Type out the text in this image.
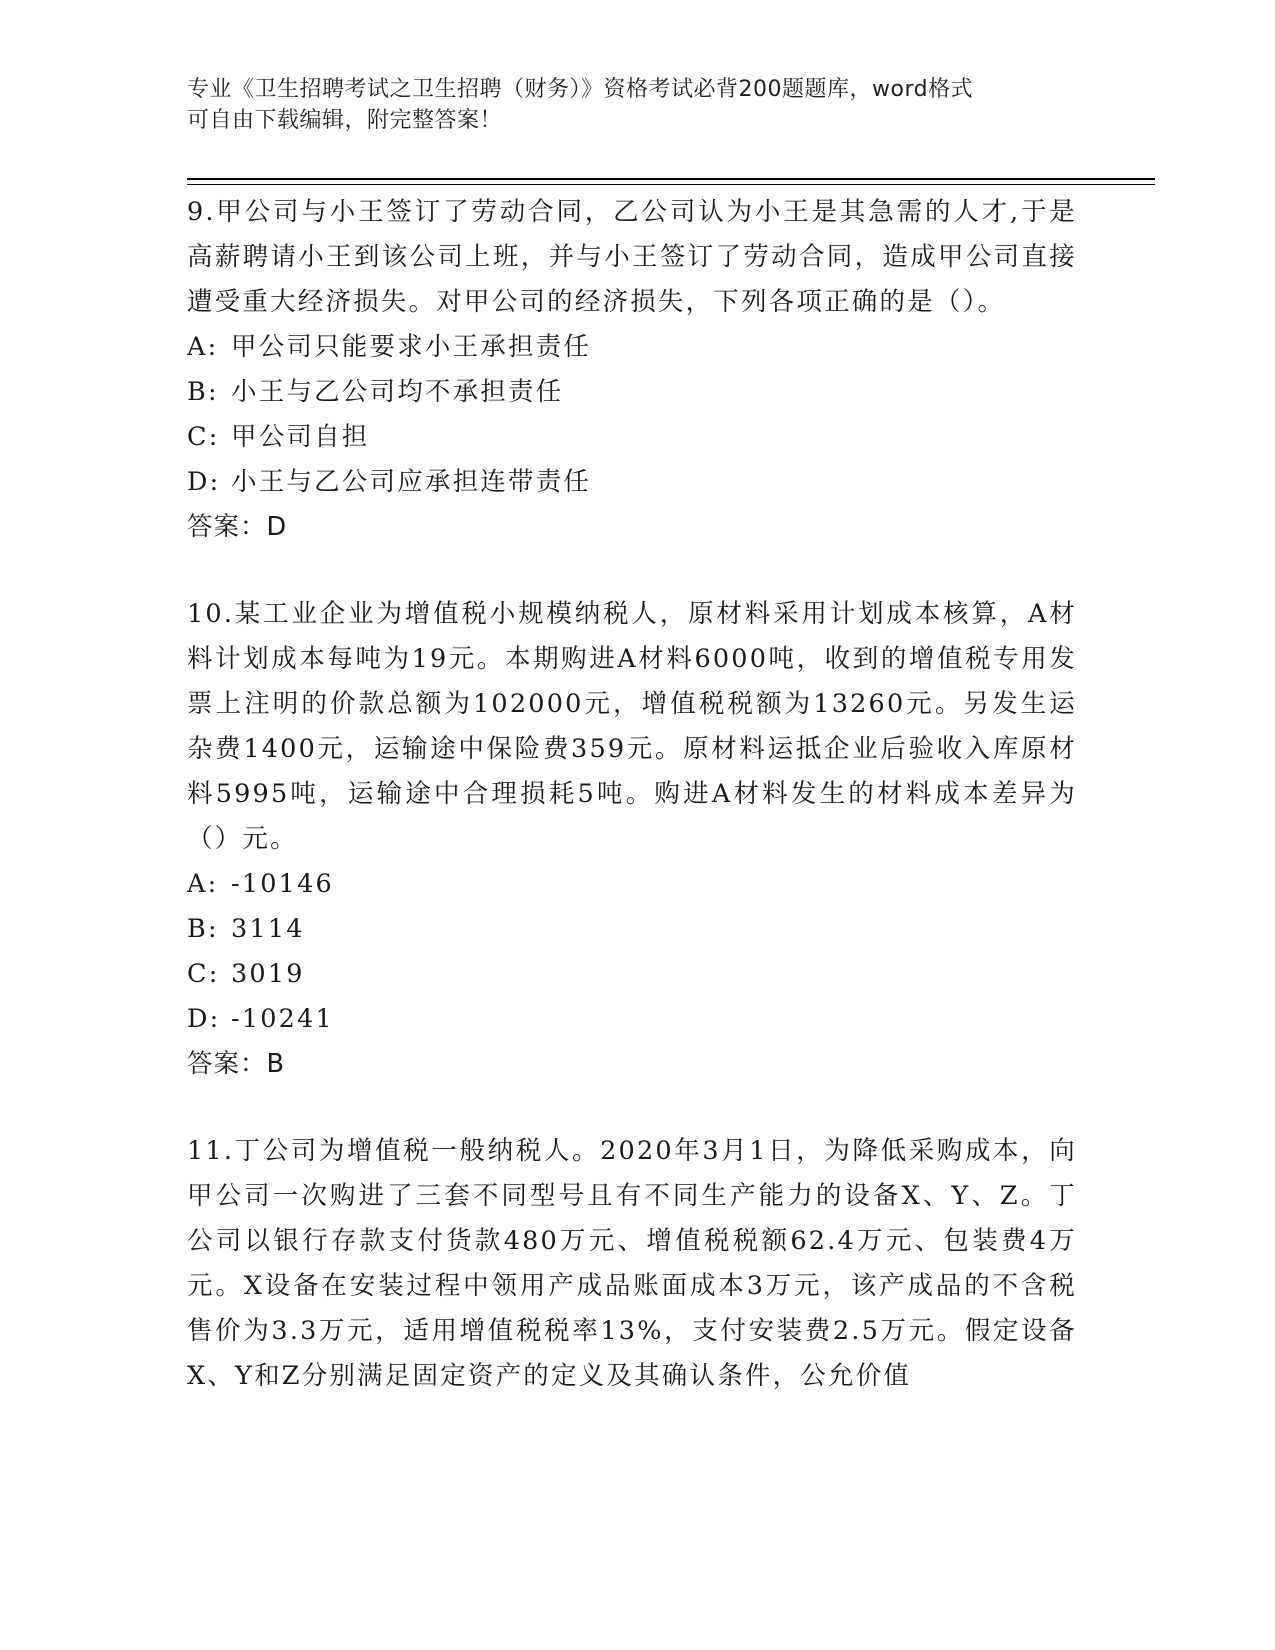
专业《卫生招聘考试之卫生招聘（财务）》资格考试必背200题题库，word格式
可自由下载编辑，附完整答案！

9.甲公司与小王签订了劳动合同，乙公司认为小王是其急需的人才,于是高薪聘请小王到该公司上班，并与小王签订了劳动合同，造成甲公司直接遭受重大经济损失。对甲公司的经济损失，下列各项正确的是（）。

A: 甲公司只能要求小王承担责任

B: 小王与乙公司均不承担责任

C: 甲公司自担

D: 小王与乙公司应承担连带责任

答案：D

10.某工业企业为增值税小规模纳税人，原材料采用计划成本核算，A材料计划成本每吨为19元。本期购进A材料6000吨，收到的增值税专用发票上注明的价款总额为102000元，增值税税额为13260元。另发生运杂费1400元，运输途中保险费359元。原材料运抵企业后验收入库原材料5995吨，运输途中合理损耗5吨。购进A材料发生的材料成本差异为（）元。

A: -10146

B: 3114

C: 3019

D: -10241

答案：B

11.丁公司为增值税一般纳税人。2020年3月1日，为降低采购成本，向甲公司一次购进了三套不同型号且有不同生产能力的设备X、Y、Z。丁公司以银行存款支付货款480万元、增值税税额62.4万元、包装费4万元。X设备在安装过程中领用产成品账面成本3万元，该产成品的不含税售价为3.3万元，适用增值税税率13%，支付安装费2.5万元。假定设备X、Y和Z分别满足固定资产的定义及其确认条件，公允价值
